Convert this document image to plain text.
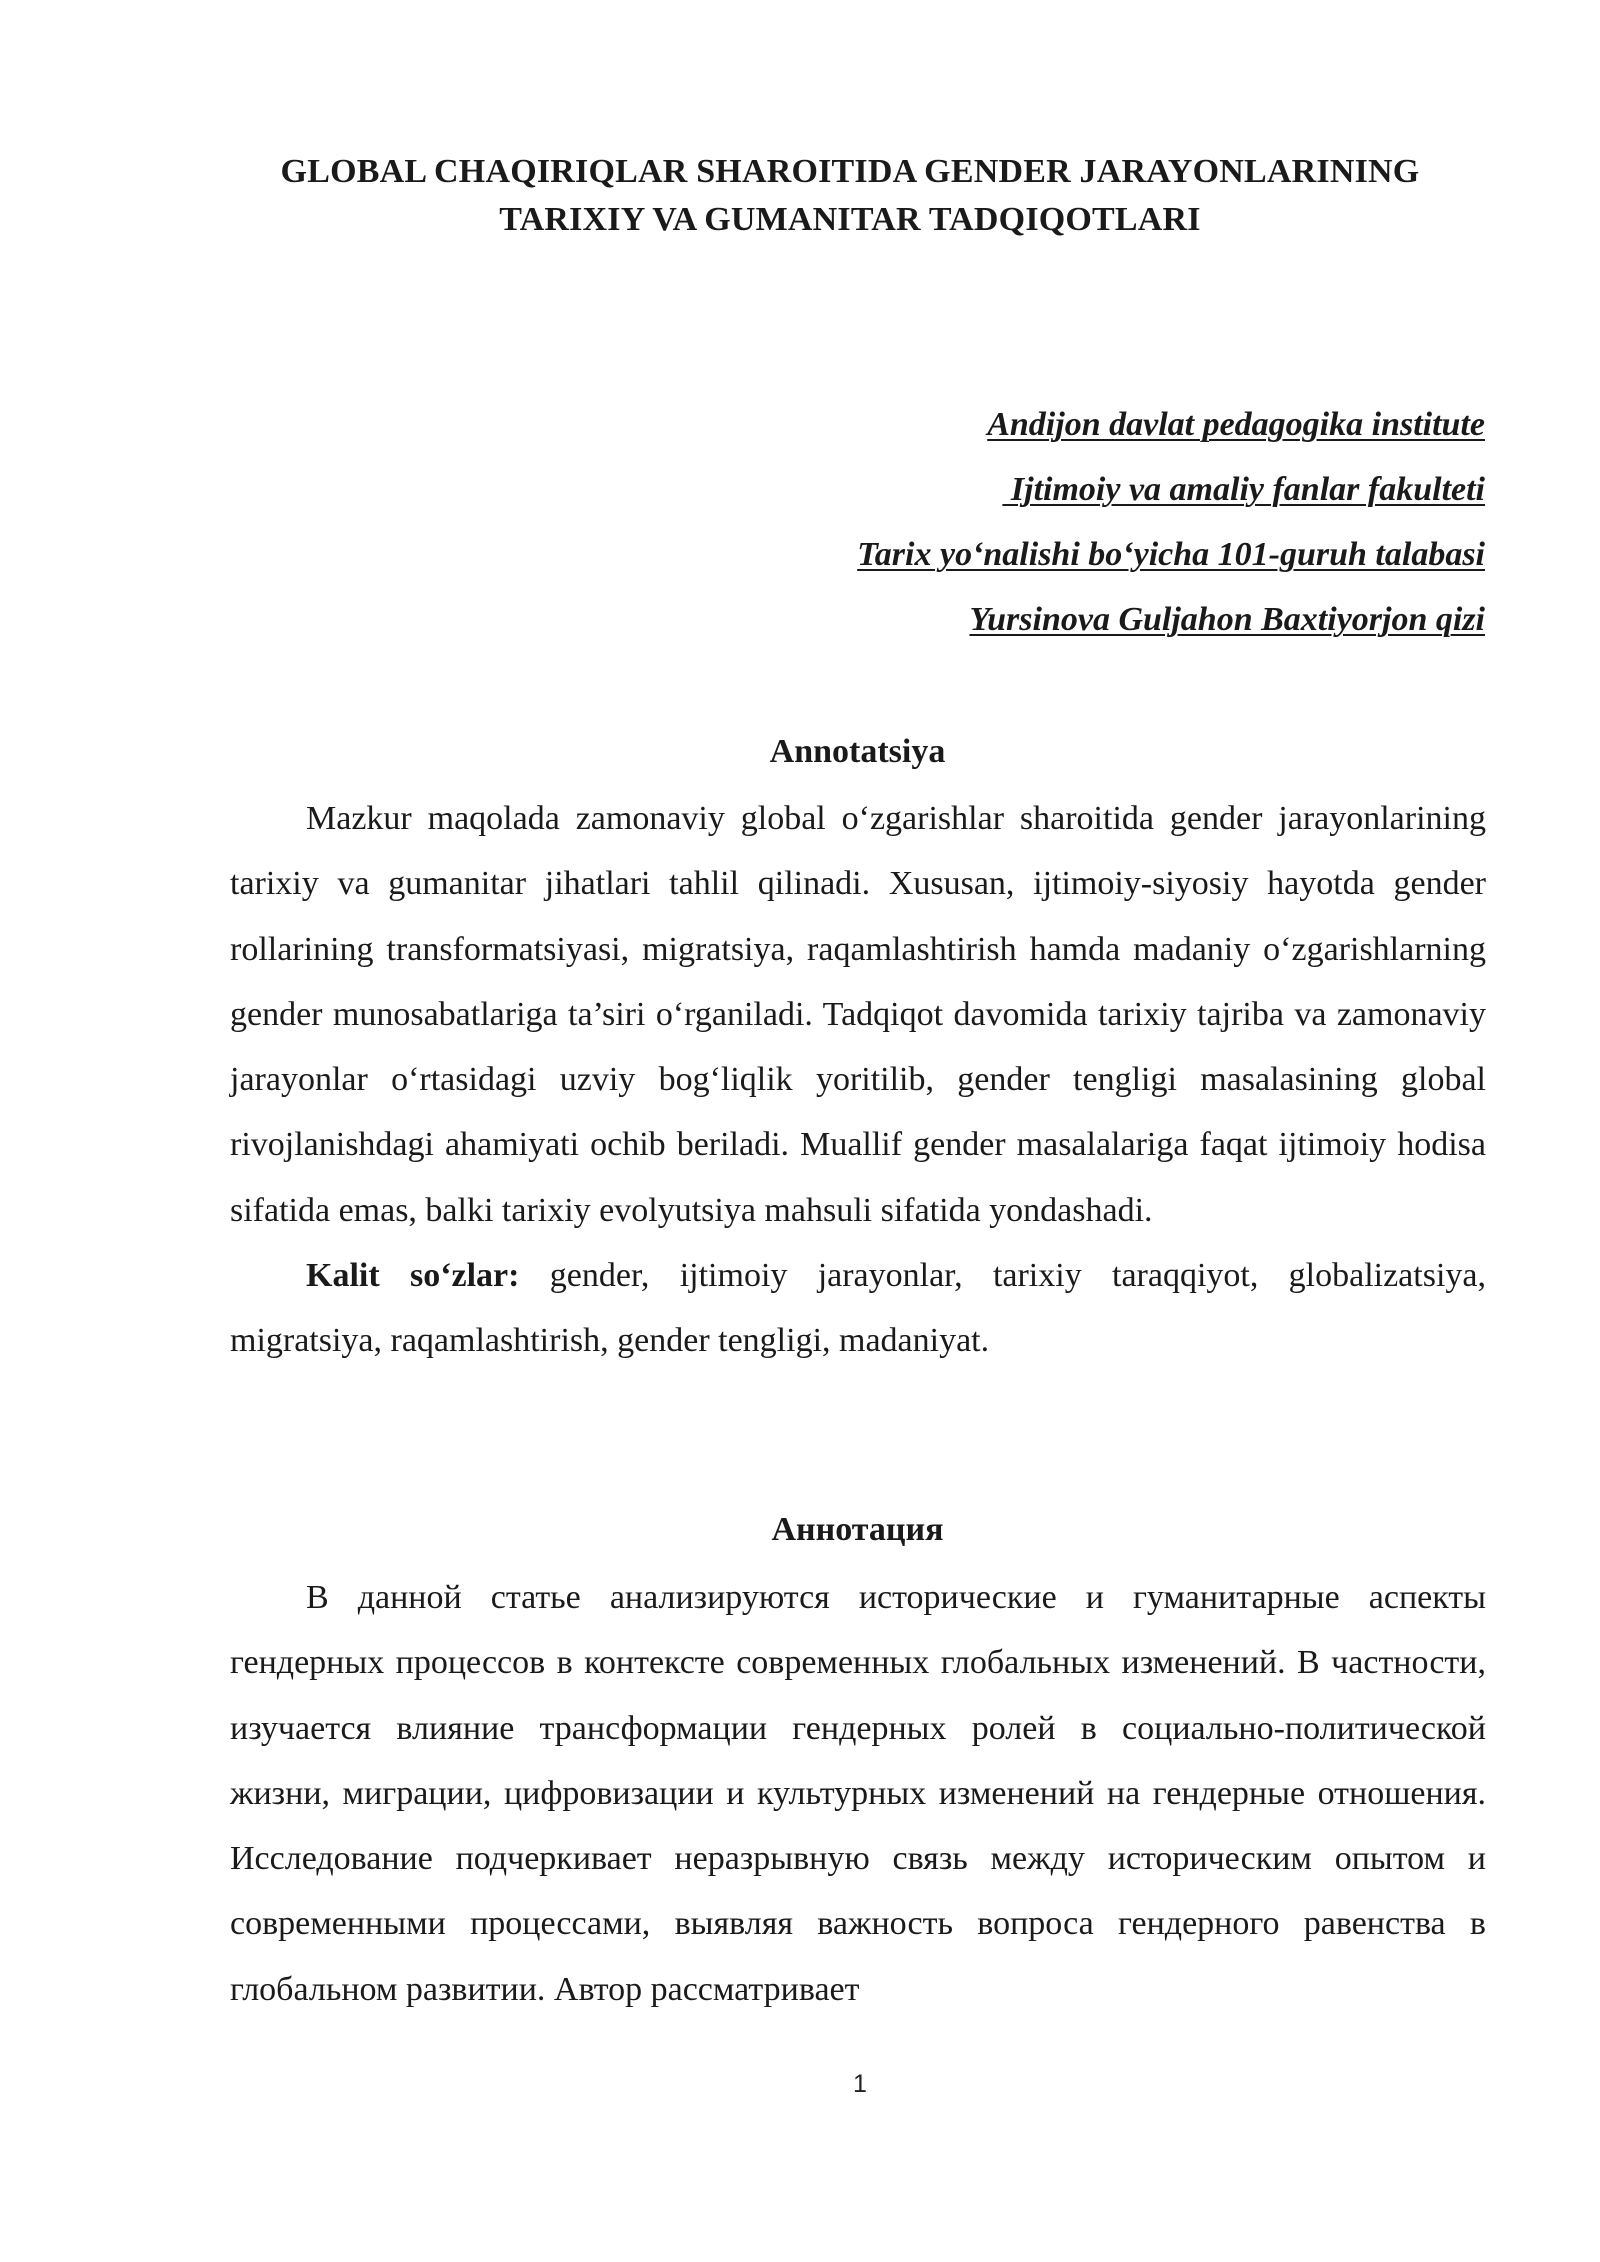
GLOBAL CHAQIRIQLAR SHAROITIDA GENDER JARAYONLARINING
TARIXIY VA GUMANITAR TADQIQOTLARI
Andijon davlat pedagogika institute
Ijtimoiy va amaliy fanlar fakulteti
Tarix yo‘nalishi bo‘yicha 101-guruh talabasi
Yursinova Guljahon Baxtiyorjon qizi
Annotatsiya

Mazkur maqolada zamonaviy global o‘zgarishlar sharoitida gender jarayonlarining tarixiy va gumanitar jihatlari tahlil qilinadi. Xususan, ijtimoiy-siyosiy hayotda gender rollarining transformatsiyasi, migratsiya, raqamlashtirish hamda madaniy o‘zgarishlarning gender munosabatlariga ta’siri o‘rganiladi. Tadqiqot davomida tarixiy tajriba va zamonaviy jarayonlar o‘rtasidagi uzviy bog‘liqlik yoritilib, gender tengligi masalasining global rivojlanishdagi ahamiyati ochib beriladi. Muallif gender masalalariga faqat ijtimoiy hodisa sifatida emas, balki tarixiy evolyutsiya mahsuli sifatida yondashadi.

Kalit so‘zlar: gender, ijtimoiy jarayonlar, tarixiy taraqqiyot, globalizatsiya, migratsiya, raqamlashtirish, gender tengligi, madaniyat.

Аннотация

В данной статье анализируются исторические и гуманитарные аспекты гендерных процессов в контексте современных глобальных изменений. В частности, изучается влияние трансформации гендерных ролей в социально-политической жизни, миграции, цифровизации и культурных изменений на гендерные отношения. Исследование подчеркивает неразрывную связь между историческим опытом и современными процессами, выявляя важность вопроса гендерного равенства в глобальном развитии. Автор рассматривает

1
